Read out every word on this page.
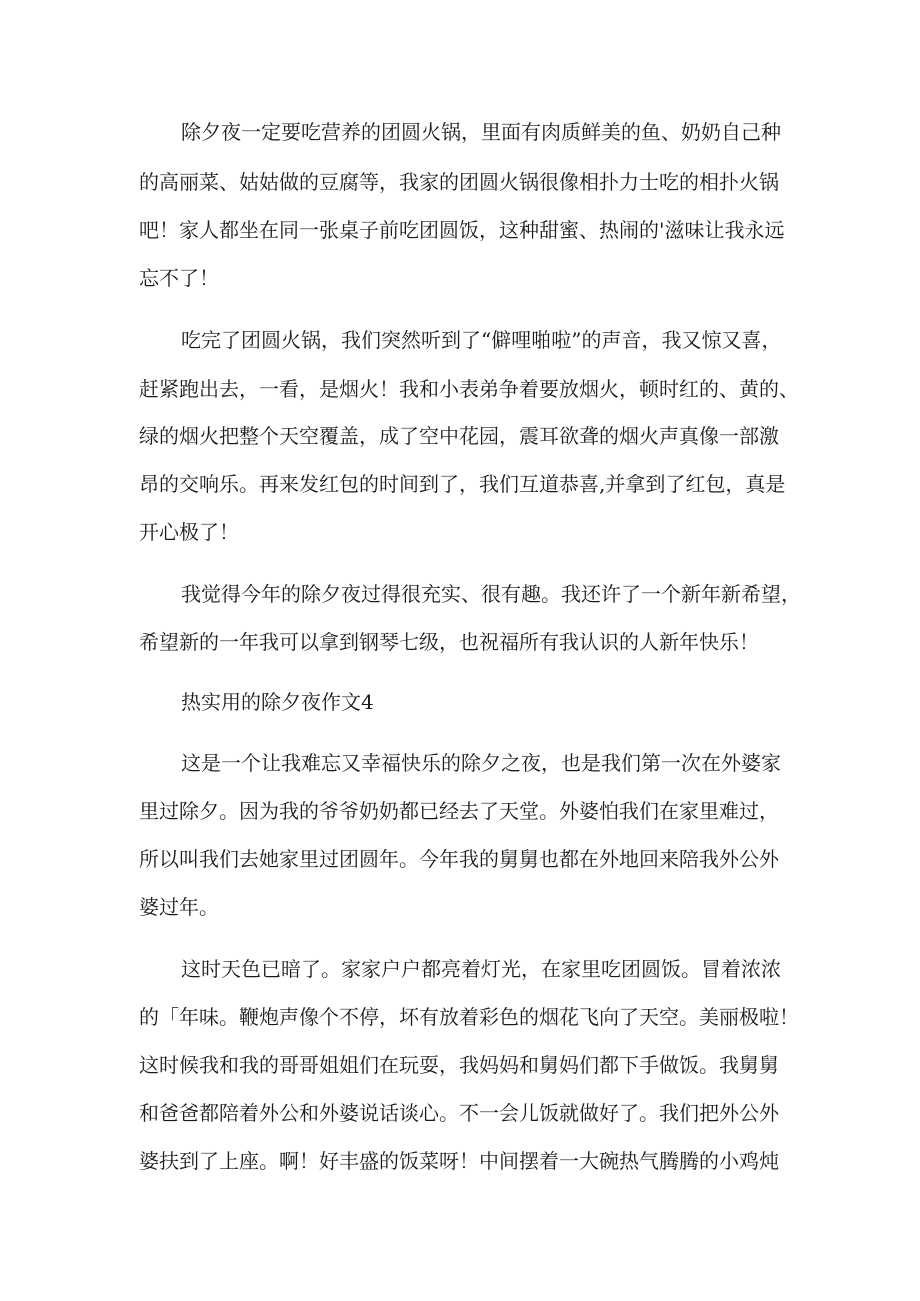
除夕夜一定要吃营养的团圆火锅，里面有肉质鲜美的鱼、奶奶自己种

的高丽菜、姑姑做的豆腐等，我家的团圆火锅很像相扑力士吃的相扑火锅

吧！家人都坐在同一张桌子前吃团圆饭，这种甜蜜、热闹的'滋味让我永远

忘不了！

吃完了团圆火锅，我们突然听到了“僻哩啪啦”的声音，我又惊又喜，

赶紧跑出去，一看，是烟火！我和小表弟争着要放烟火，顿时红的、黄的、

绿的烟火把整个天空覆盖，成了空中花园，震耳欲聋的烟火声真像一部激

昂的交响乐。再来发红包的时间到了，我们互道恭喜,并拿到了红包，真是

开心极了！

我觉得今年的除夕夜过得很充实、很有趣。我还许了一个新年新希望，

希望新的一年我可以拿到钢琴七级，也祝福所有我认识的人新年快乐！

热实用的除夕夜作文4

这是一个让我难忘又幸福快乐的除夕之夜，也是我们第一次在外婆家

里过除夕。因为我的爷爷奶奶都已经去了天堂。外婆怕我们在家里难过，

所以叫我们去她家里过团圆年。今年我的舅舅也都在外地回来陪我外公外

婆过年。

这时天色已暗了。家家户户都亮着灯光，在家里吃团圆饭。冒着浓浓

的「年味。鞭炮声像个不停，坏有放着彩色的烟花飞向了天空。美丽极啦！

这时候我和我的哥哥姐姐们在玩耍，我妈妈和舅妈们都下手做饭。我舅舅

和爸爸都陪着外公和外婆说话谈心。不一会儿饭就做好了。我们把外公外

婆扶到了上座。啊！好丰盛的饭菜呀！中间摆着一大碗热气腾腾的小鸡炖
